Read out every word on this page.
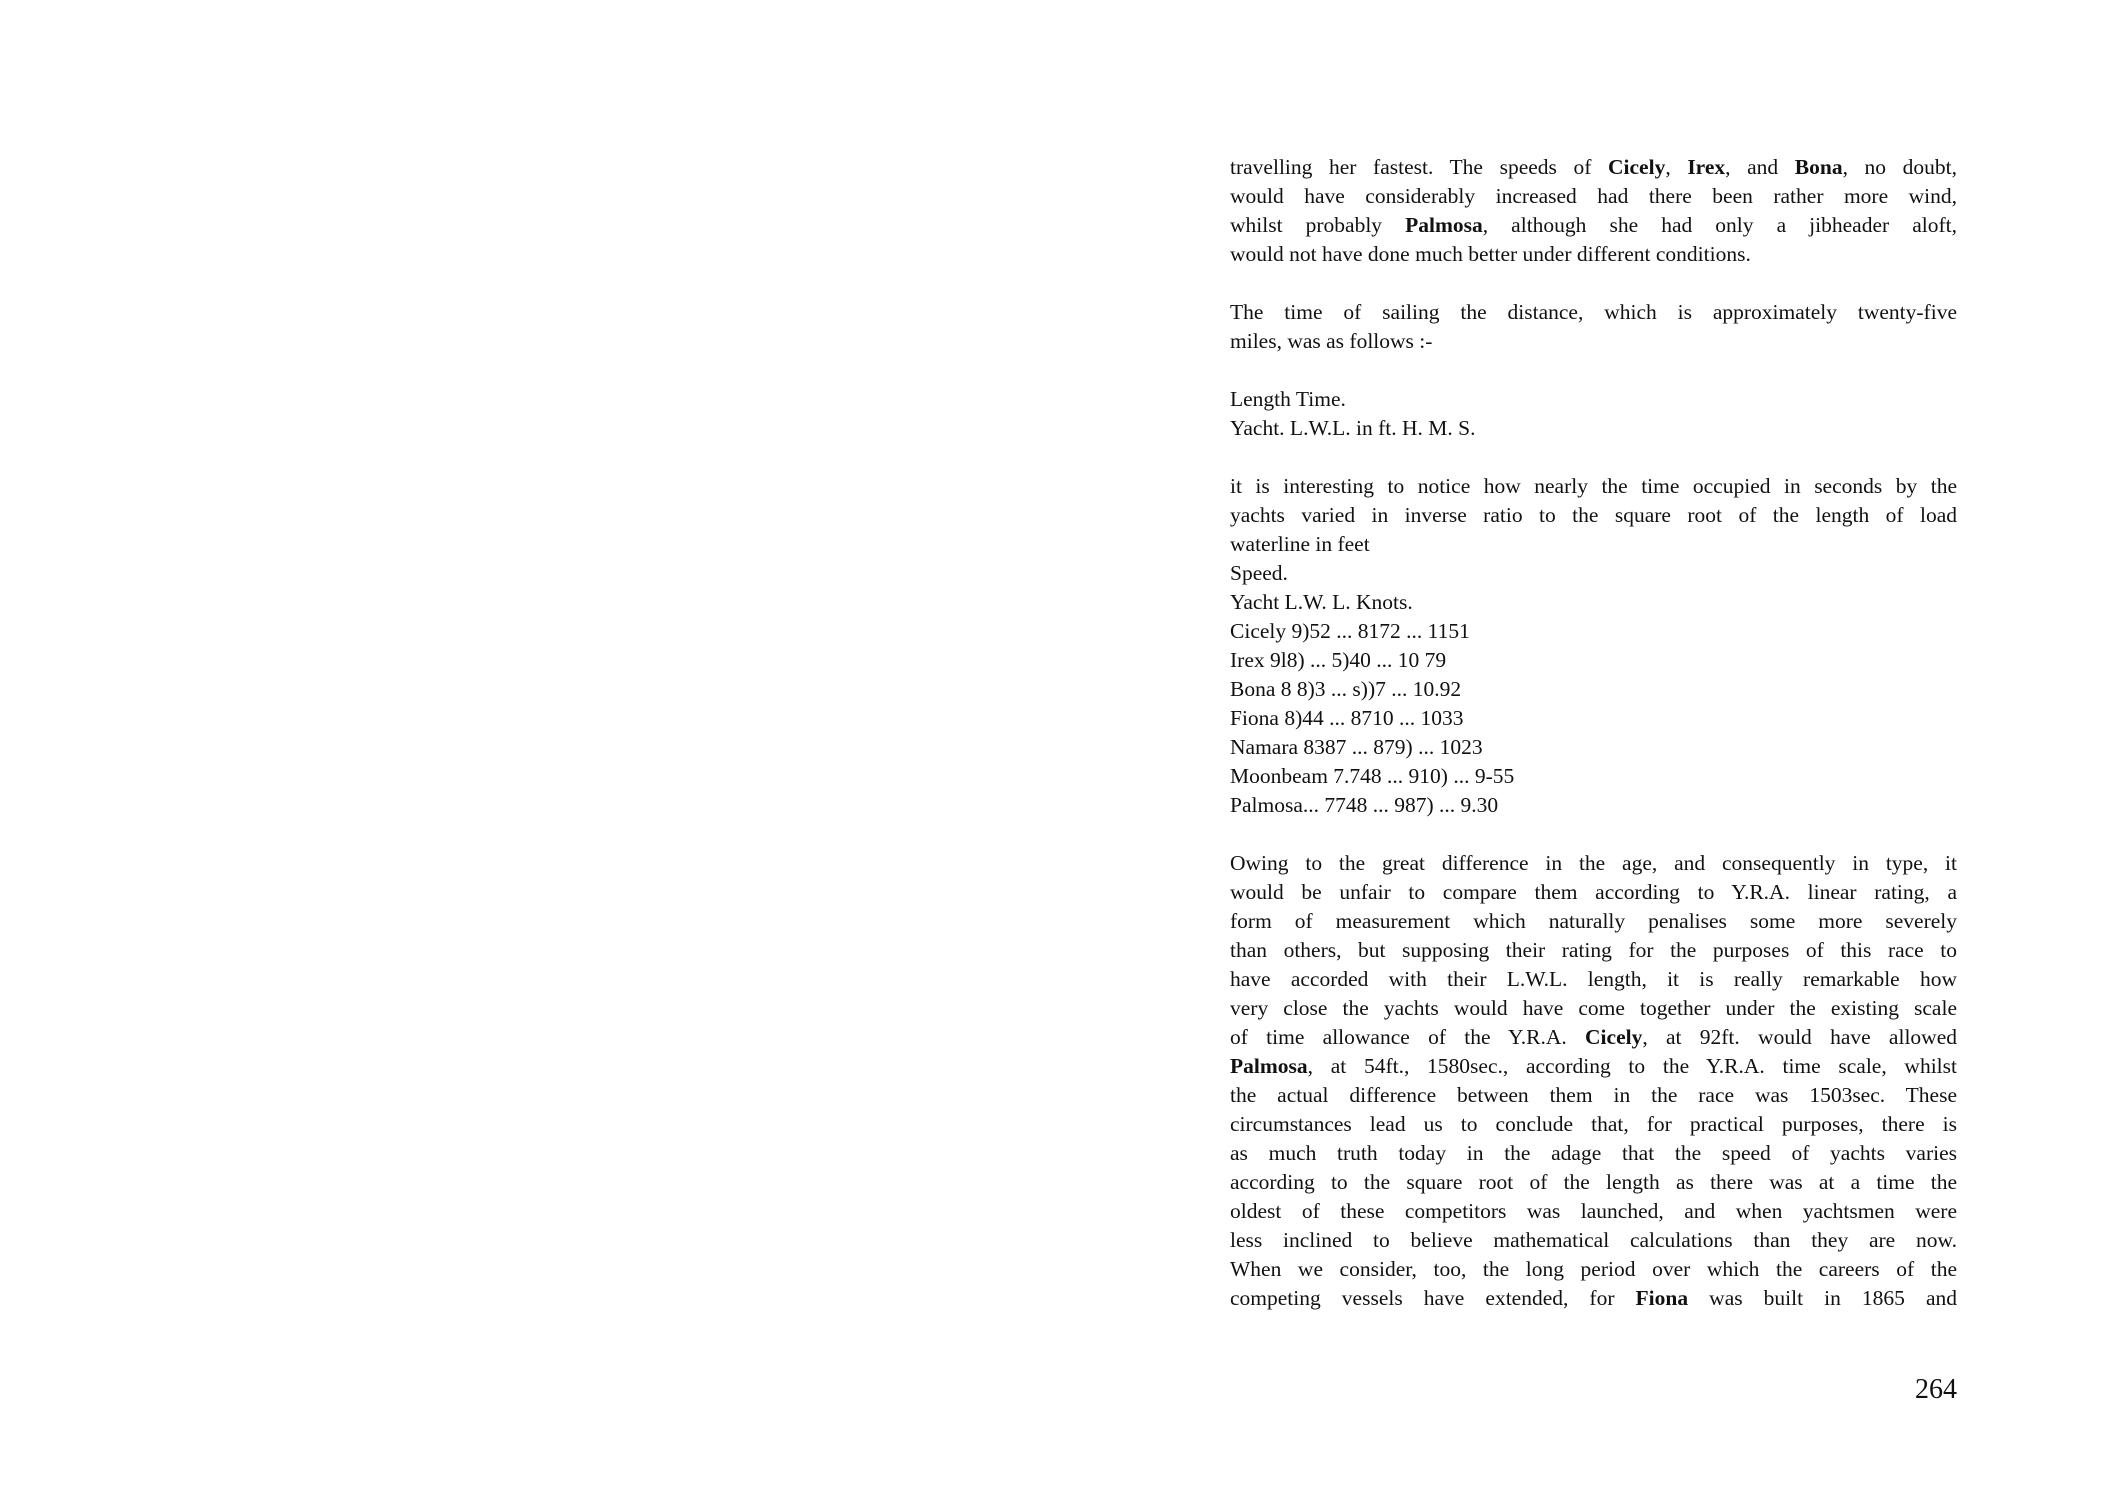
travelling her fastest. The speeds of Cicely, Irex, and Bona, no doubt,
would have considerably increased had there been rather more wind,
whilst probably Palmosa, although she had only a jibheader aloft,
would not have done much better under different conditions.
The time of sailing the distance, which is approximately twenty-five
miles, was as follows :-
Length Time.
Yacht. L.W.L. in ft. H. M. S.
it is interesting to notice how nearly the time occupied in seconds by the
yachts varied in inverse ratio to the square root of the length of load
waterline in feet
Speed.
Yacht L.W. L. Knots.
Cicely 9)52 ... 8172 ... 1151
Irex 9l8) ... 5)40 ... 10 79
Bona 8 8)3 ... s))7 ... 10.92
Fiona 8)44 ... 8710 ... 1033
Namara 8387 ... 879) ... 1023
Moonbeam 7.748 ... 910) ... 9-55
Palmosa... 7748 ... 987) ... 9.30
Owing to the great difference in the age, and consequently in type, it
would be unfair to compare them according to Y.R.A. linear rating, a
form of measurement which naturally penalises some more severely
than others, but supposing their rating for the purposes of this race to
have accorded with their L.W.L. length, it is really remarkable how
very close the yachts would have come together under the existing scale
of time allowance of the Y.R.A. Cicely, at 92ft. would have allowed
Palmosa, at 54ft., 1580sec., according to the Y.R.A. time scale, whilst
the actual difference between them in the race was 1503sec. These
circumstances lead us to conclude that, for practical purposes, there is
as much truth today in the adage that the speed of yachts varies
according to the square root of the length as there was at a time the
oldest of these competitors was launched, and when yachtsmen were
less inclined to believe mathematical calculations than they are now.
When we consider, too, the long period over which the careers of the
competing vessels have extended, for Fiona was built in 1865 and
264
